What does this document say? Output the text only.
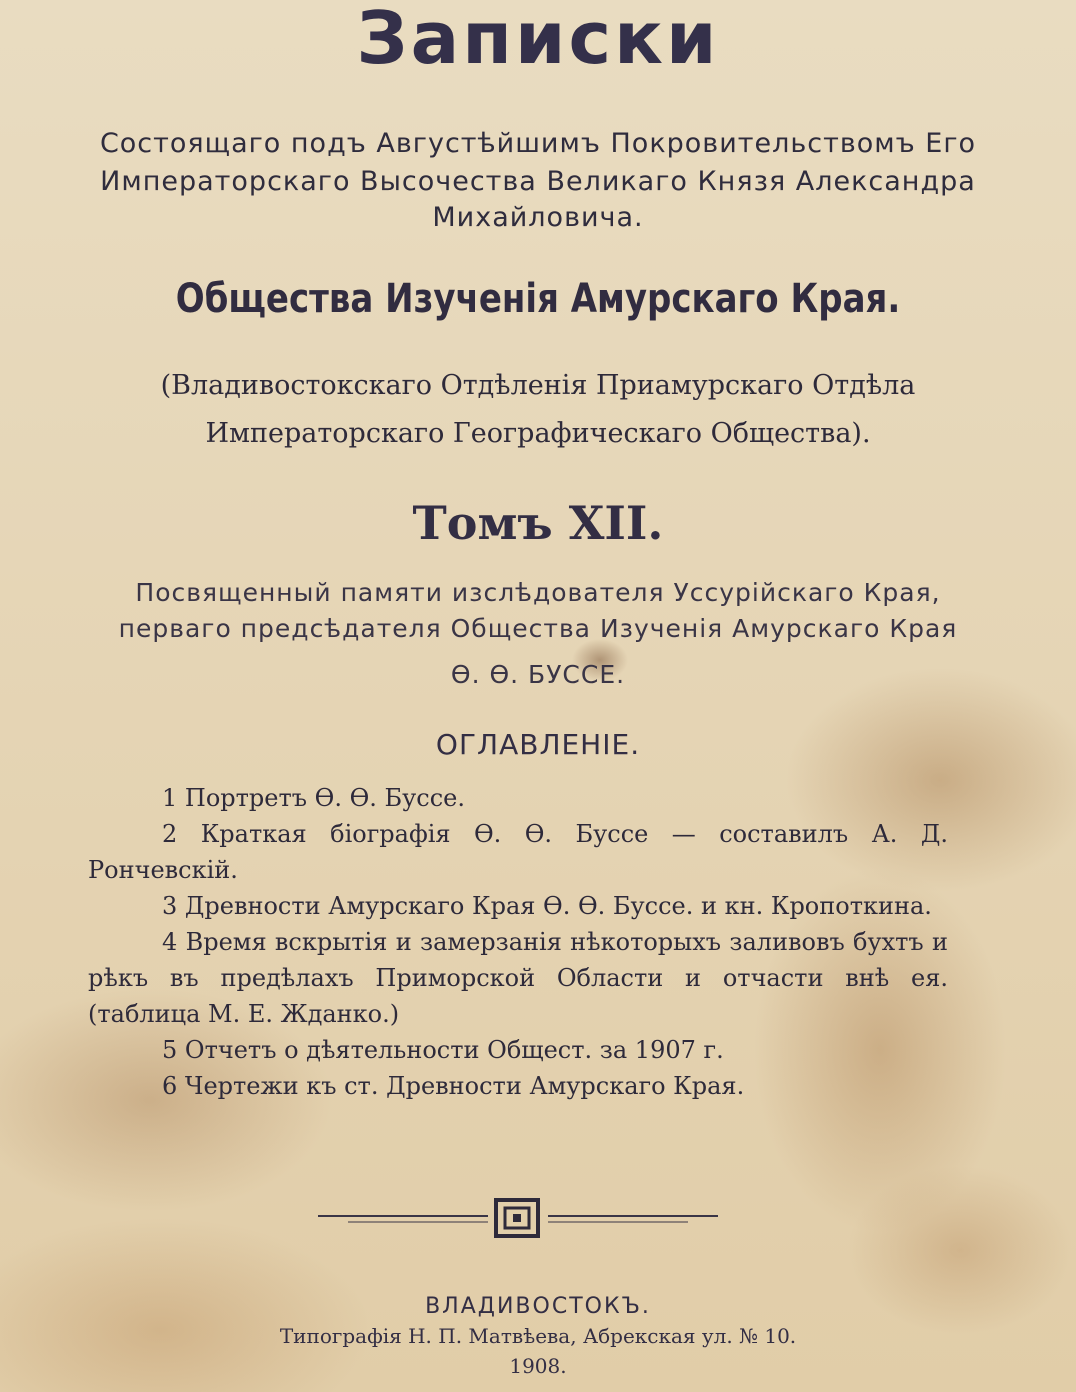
Записки
Состоящаго подъ Августѣйшимъ Покровительствомъ Его
Императорскаго Высочества Великаго Князя Александра
Михайловича.
Общества Изученія Амурскаго Края.
(Владивостокскаго Отдѣленія Приамурскаго Отдѣла
Императорскаго Географическаго Общества).
Томъ XII.
Посвященный памяти изслѣдователя Уссурійскаго Края,
перваго предсѣдателя Общества Изученія Амурскаго Края
Ѳ. Ѳ. БУССЕ.
ОГЛАВЛЕНІЕ.
1 Портретъ Ѳ. Ѳ. Буссе.
2 Краткая біографія Ѳ. Ѳ. Буссе — составилъ А. Д. Рончевскій.
3 Древности Амурскаго Края Ѳ. Ѳ. Буссе. и кн. Кропоткина.
4 Время вскрытія и замерзанія нѣкоторыхъ заливовъ бухтъ и рѣкъ въ предѣлахъ Приморской Области и отчасти внѣ ея. (таблица М. Е. Жданко.)
5 Отчетъ о дѣятельности Общест. за 1907 г.
6 Чертежи къ ст. Древности Амурскаго Края.
ВЛАДИВОСТОКЪ.
Типографія Н. П. Матвѣева, Абрекская ул. № 10.
1908.
